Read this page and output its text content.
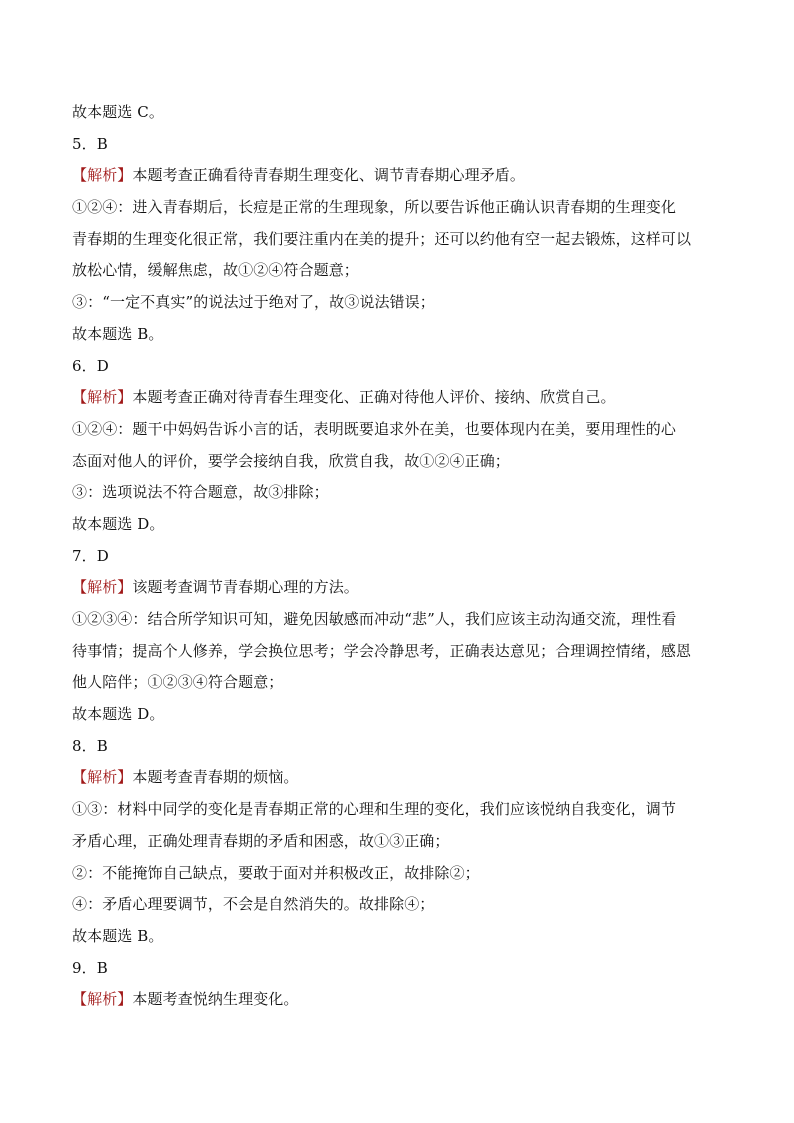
故本题选 C。
5．B
【解析】本题考查正确看待青春期生理变化、调节青春期心理矛盾。
①②④：进入青春期后，长痘是正常的生理现象，所以要告诉他正确认识青春期的生理变化
青春期的生理变化很正常，我们要注重内在美的提升；还可以约他有空一起去锻炼，这样可以
放松心情，缓解焦虑，故①②④符合题意；
③：“一定不真实”的说法过于绝对了，故③说法错误；
故本题选 B。
6．D
【解析】本题考查正确对待青春生理变化、正确对待他人评价、接纳、欣赏自己。
①②④：题干中妈妈告诉小言的话，表明既要追求外在美，也要体现内在美，要用理性的心
态面对他人的评价，要学会接纳自我，欣赏自我，故①②④正确；
③：选项说法不符合题意，故③排除；
故本题选 D。
7．D
【解析】该题考查调节青春期心理的方法。
①②③④：结合所学知识可知，避免因敏感而冲动“悲”人，我们应该主动沟通交流，理性看
待事情；提高个人修养，学会换位思考；学会冷静思考，正确表达意见；合理调控情绪，感恩
他人陪伴；①②③④符合题意；
故本题选 D。
8．B
【解析】本题考查青春期的烦恼。
①③：材料中同学的变化是青春期正常的心理和生理的变化，我们应该悦纳自我变化，调节
矛盾心理，正确处理青春期的矛盾和困惑，故①③正确；
②：不能掩饰自己缺点，要敢于面对并积极改正，故排除②；
④：矛盾心理要调节，不会是自然消失的。故排除④；
故本题选 B。
9．B
【解析】本题考查悦纳生理变化。
